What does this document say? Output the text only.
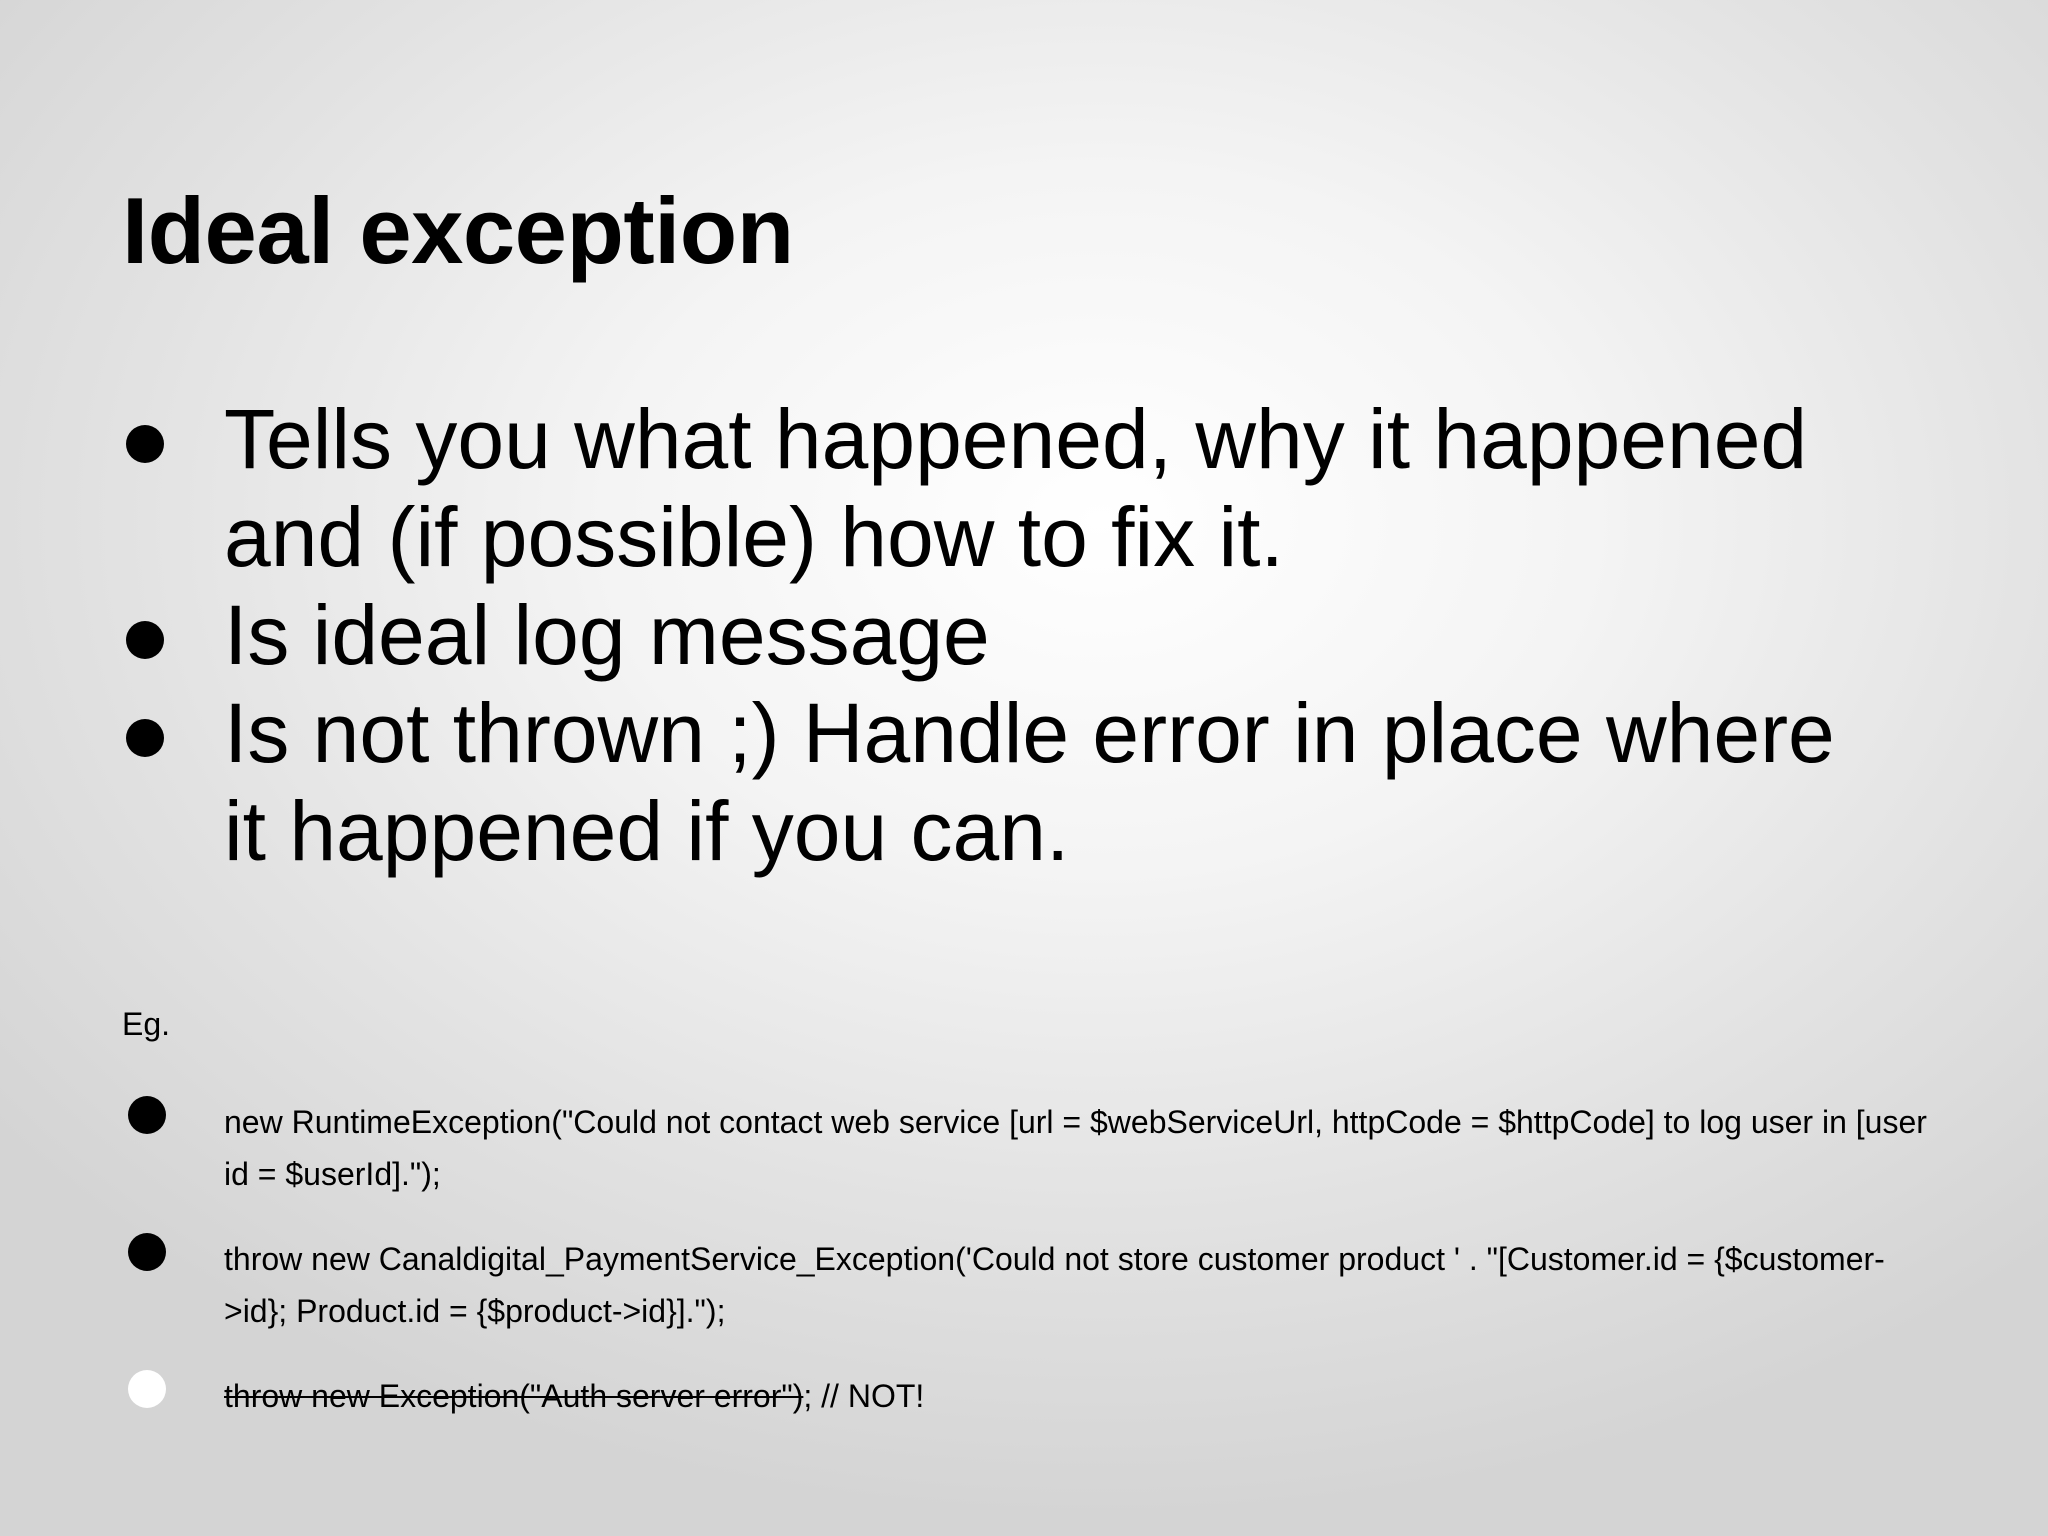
Ideal exception
Tells you what happened, why it happened and (if possible) how to fix it.
Is ideal log message
Is not thrown ;) Handle error in place where it happened if you can.
Eg.
new RuntimeException("Could not contact web service [url = $webServiceUrl, httpCode = $httpCode] to log user in [user id = $userId].");
throw new Canaldigital_PaymentService_Exception('Could not store customer product ' . "[Customer.id = {$customer->id}; Product.id = {$product->id}].");
throw new Exception("Auth server error"); // NOT!
